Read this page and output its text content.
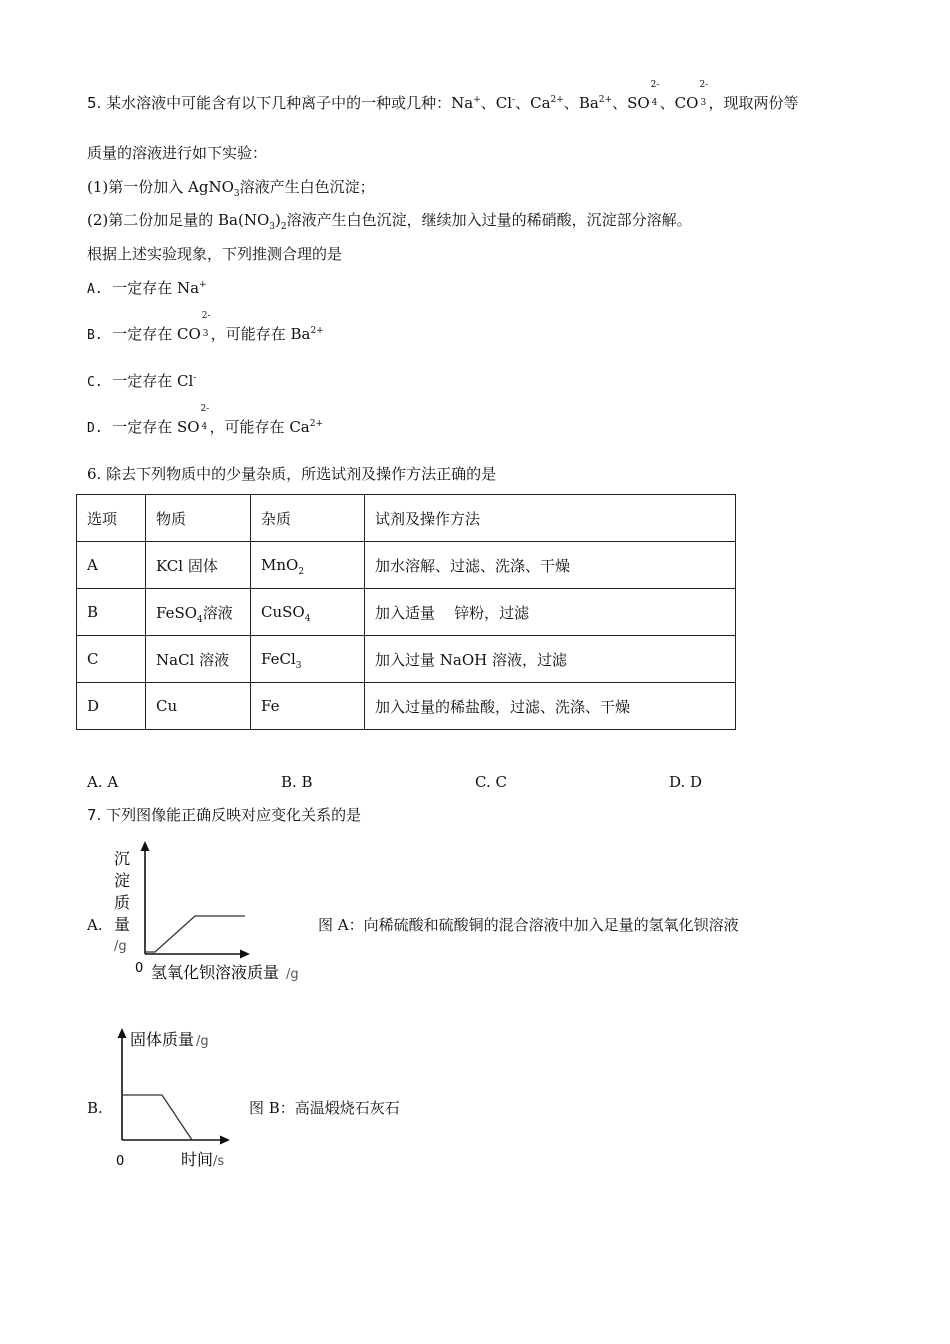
5. 某水溶液中可能含有以下几种离子中的一种或几种：Na+、Cl-、$Ca^{2+}$、$Ba^{2+}$、SO
2-
4 、CO
2-
3 ，现取两份等
质量的溶液进行如下实验：
(1)第一份加入 AgNO$_3$溶液产生白色沉淀；
(2)第二份加足量的 $Ba(NO_3)_2$溶液产生白色沉淀，继续加入过量的稀硝酸，沉淀部分溶解。
根据上述实验现象，下列推测合理的是
A. 一定存在 Na+
B. 一定存在 CO
2-
3 ，可能存在 $Ba^{2+}$
C. 一定存在 Cl-
D. 一定存在 SO
2-
4 ，可能存在 $Ca^{2+}$
6. 除去下列物质中的少量杂质，所选试剂及操作方法正确的是
选项	物质	杂质	试剂及操作方法
A	KCl 固体	MnO$_2$	加水溶解、过滤、洗涤、干燥
B	FeSO$_4$溶液	CuSO$_4$	加入适量    锌粉，过滤
C	NaCl 溶液	FeCl$_3$	加入过量 NaOH 溶液，过滤
D	Cu	Fe	加入过量的稀盐酸，过滤、洗涤、干燥
A. A	B. B	C. C	D. D
7. 下列图像能正确反映对应变化关系的是
A.
沉
淀
质
量
/g
0 氢氧化钡溶液质量 /g
图 A：向稀硫酸和硫酸铜的混合溶液中加入足量的氢氧化钡溶液
B.
固体质量 /g
0	时间 /s
图 B：高温煅烧石灰石
